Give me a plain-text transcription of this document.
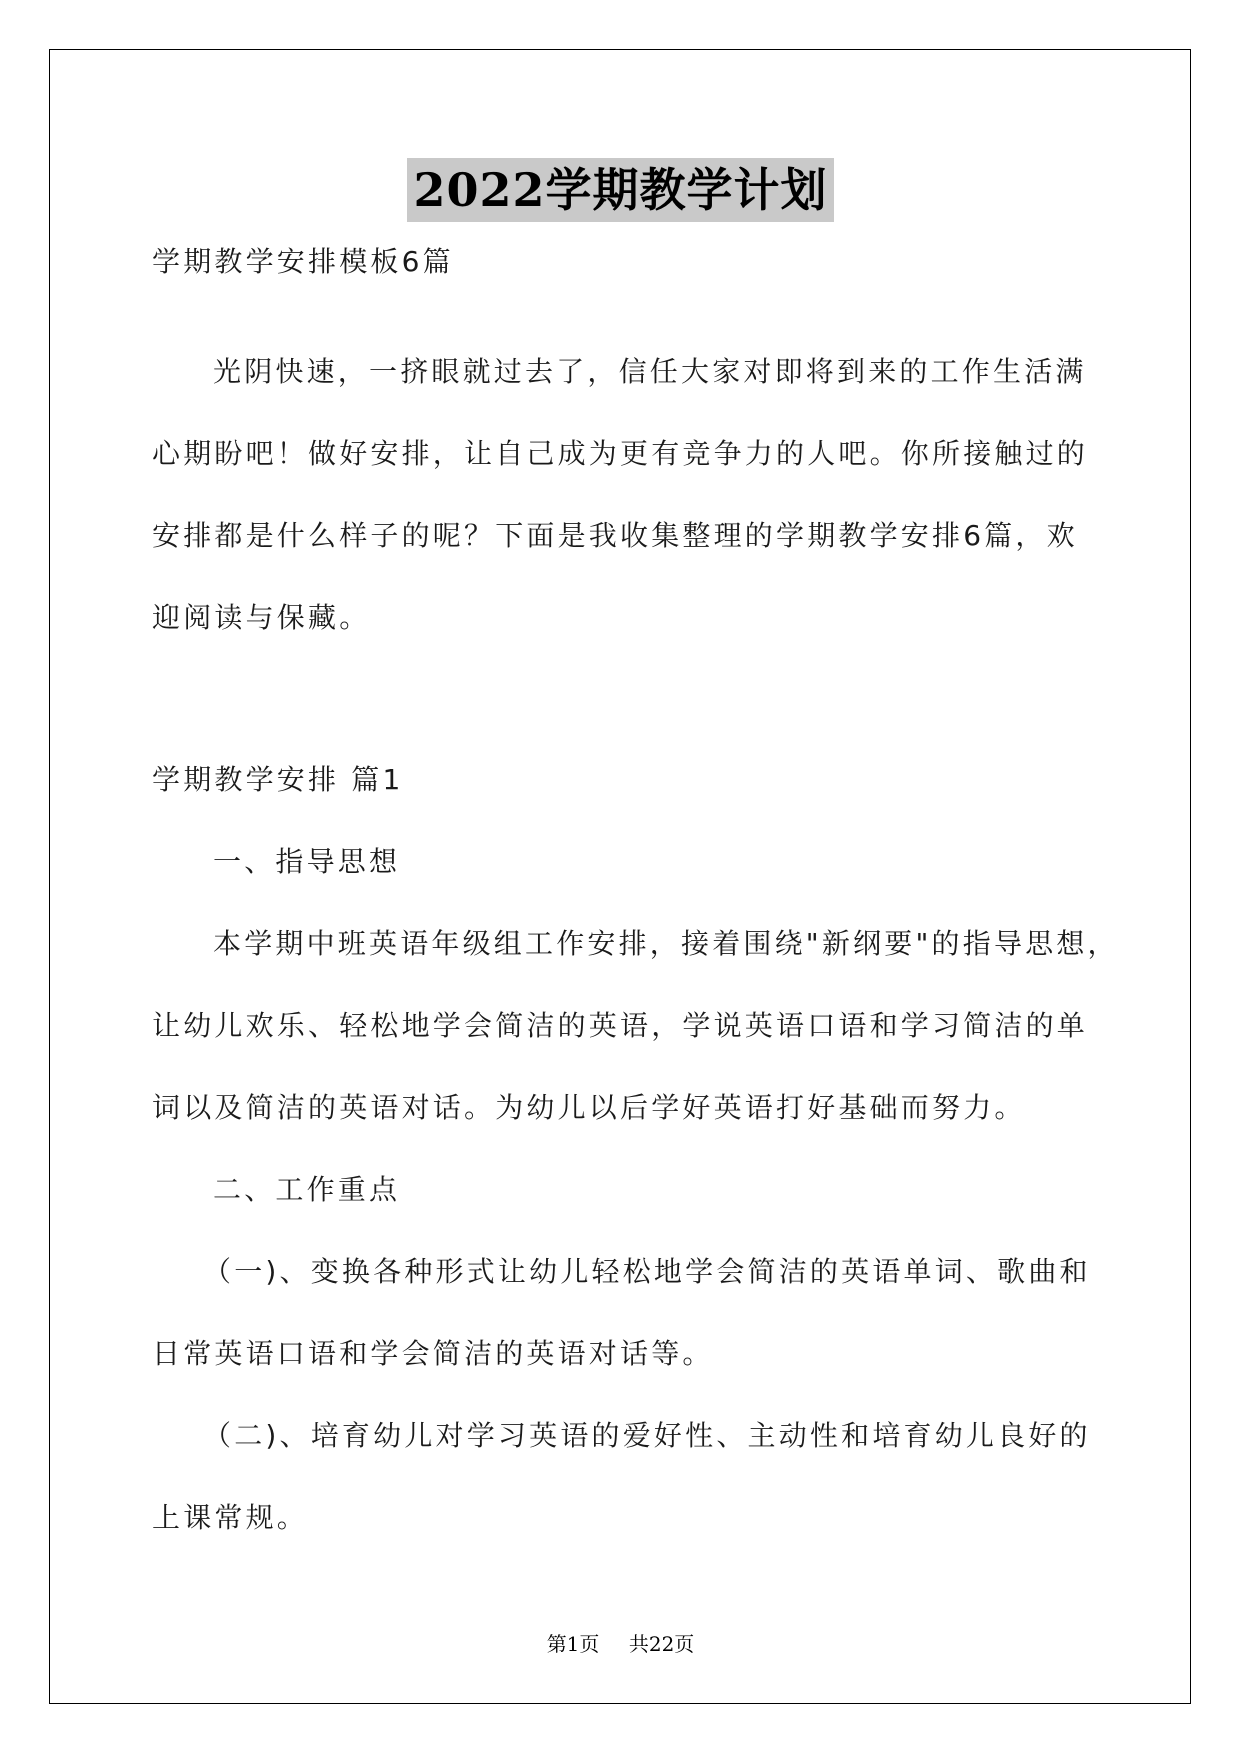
2022学期教学计划
学期教学安排模板6篇
光阴快速，一挤眼就过去了，信任大家对即将到来的工作生活满
心期盼吧！做好安排，让自己成为更有竞争力的人吧。你所接触过的
安排都是什么样子的呢？下面是我收集整理的学期教学安排6篇，欢
迎阅读与保藏。
学期教学安排 篇1
一、指导思想
本学期中班英语年级组工作安排，接着围绕"新纲要"的指导思想，
让幼儿欢乐、轻松地学会简洁的英语，学说英语口语和学习简洁的单
词以及简洁的英语对话。为幼儿以后学好英语打好基础而努力。
二、工作重点
（一)、变换各种形式让幼儿轻松地学会简洁的英语单词、歌曲和
日常英语口语和学会简洁的英语对话等。
（二)、培育幼儿对学习英语的爱好性、主动性和培育幼儿良好的
上课常规。
第1页 共22页
